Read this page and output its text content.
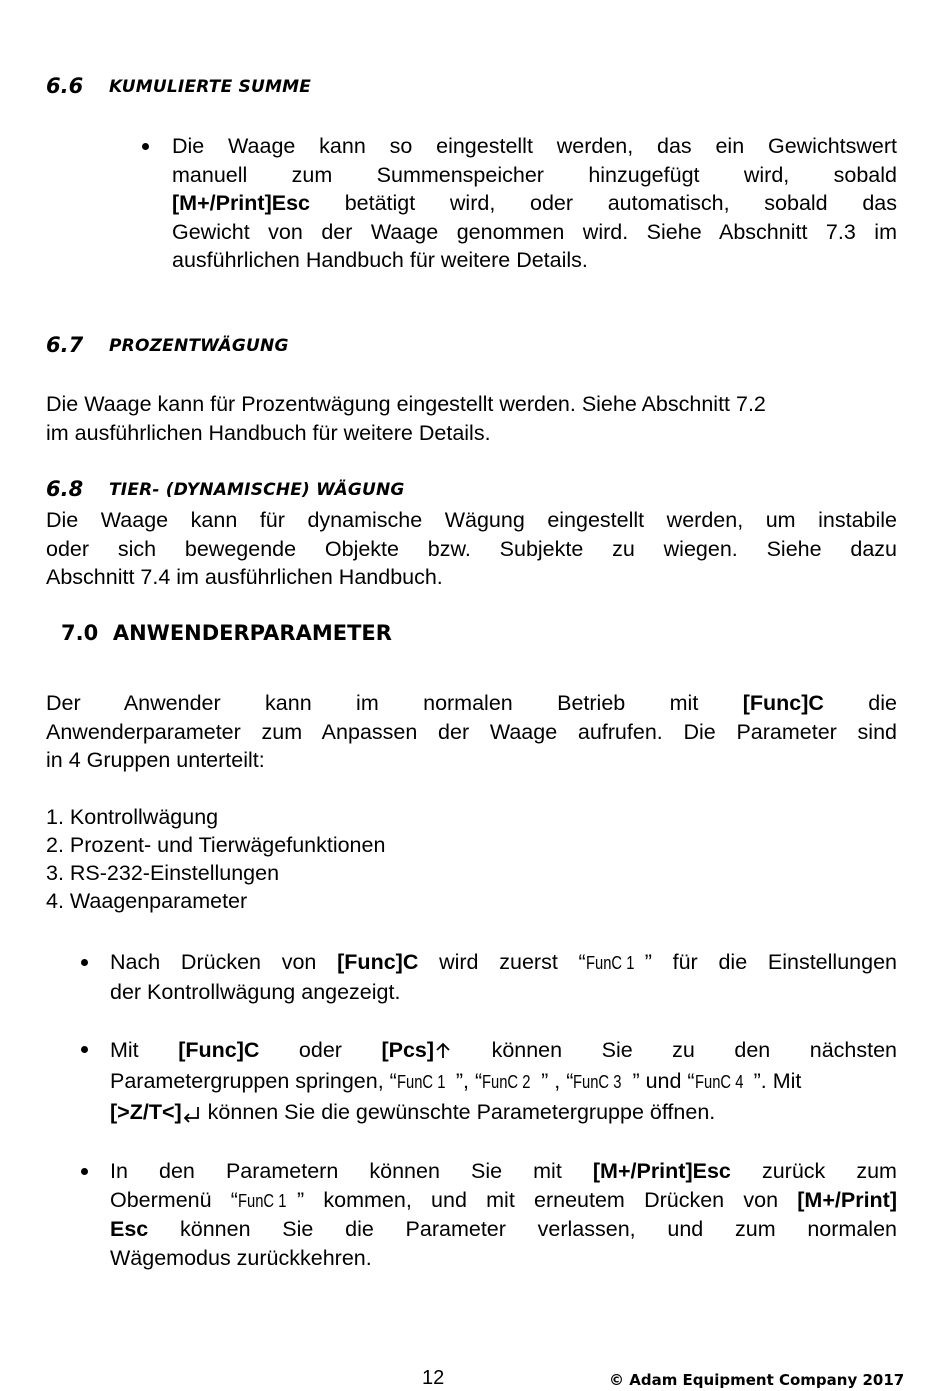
6.6 KUMULIERTE SUMME
Die Waage kann so eingestellt werden, das ein Gewichtswert
manuell zum Summenspeicher hinzugefügt wird, sobald
[M+/Print]Esc betätigt wird, oder automatisch, sobald das
Gewicht von der Waage genommen wird. Siehe Abschnitt 7.3 im
ausführlichen Handbuch für weitere Details.
6.7 PROZENTWÄGUNG
Die Waage kann für Prozentwägung eingestellt werden. Siehe Abschnitt 7.2
im ausführlichen Handbuch für weitere Details.
6.8 TIER- (DYNAMISCHE) WÄGUNG
Die Waage kann für dynamische Wägung eingestellt werden, um instabile
oder sich bewegende Objekte bzw. Subjekte zu wiegen. Siehe dazu
Abschnitt 7.4 im ausführlichen Handbuch.
7.0  ANWENDERPARAMETER
Der Anwender kann im normalen Betrieb mit [Func]C die
Anwenderparameter zum Anpassen der Waage aufrufen. Die Parameter sind
in 4 Gruppen unterteilt:
1. Kontrollwägung
2. Prozent- und Tierwägefunktionen
3. RS-232-Einstellungen
4. Waagenparameter
Nach Drücken von [Func]C wird zuerst “FunC 1 ” für die Einstellungen
der Kontrollwägung angezeigt.
Mit [Func]C oder [Pcs]	können Sie zu den nächsten
Parametergruppen springen, “FunC 1 ”, “FunC 2 ” , “FunC 3 ” und “FunC 4 ”. Mit
[>Z/T<] können Sie die gewünschte Parametergruppe öffnen.
In den Parametern können Sie mit [M+/Print]Esc zurück zum
Obermenü “FunC 1 ” kommen, und mit erneutem Drücken von [M+/Print]
Esc können Sie die Parameter verlassen, und zum normalen
Wägemodus zurückkehren.
12	© Adam Equipment Company 2017
